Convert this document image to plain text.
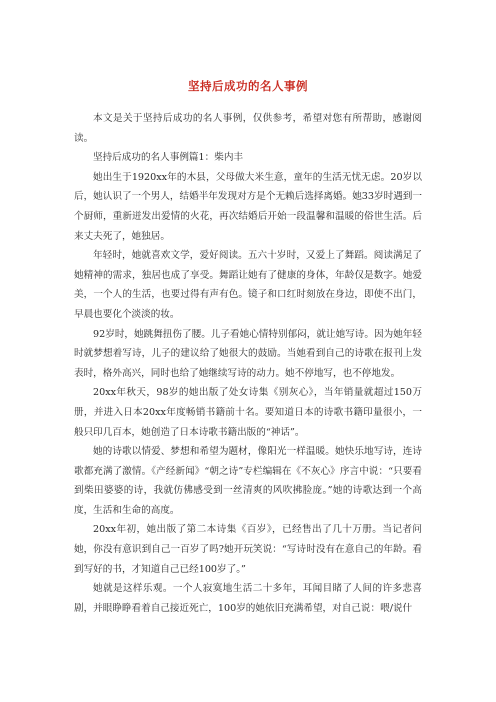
坚持后成功的名人事例

本文是关于坚持后成功的名人事例，仅供参考，希望对您有所帮助，感谢阅读。

坚持后成功的名人事例篇1：柴内丰

她出生于1920xx年的木县，父母做大米生意，童年的生活无忧无虑。20岁以后，她认识了一个男人，结婚半年发现对方是个无赖后选择离婚。她33岁时遇到一个厨师，重新迸发出爱情的火花，再次结婚后开始一段温馨和温暖的俗世生活。后来丈夫死了，她独居。

年轻时，她就喜欢文学，爱好阅读。五六十岁时，又爱上了舞蹈。阅读满足了她精神的需求，独居也成了享受。舞蹈让她有了健康的身体，年龄仅是数字。她爱美，一个人的生活，也要过得有声有色。镜子和口红时刻放在身边，即使不出门，早晨也要化个淡淡的妆。

92岁时，她跳舞扭伤了腰。儿子看她心情特别郁闷，就让她写诗。因为她年轻时就梦想着写诗，儿子的建议给了她很大的鼓励。当她看到自己的诗歌在报刊上发表时，格外高兴，同时也给了她继续写诗的动力。她不停地写，也不停地发。

20xx年秋天，98岁的她出版了处女诗集《别灰心》，当年销量就超过150万册，并进入日本20xx年度畅销书籍前十名。要知道日本的诗歌书籍印量很小，一般只印几百本，她创造了日本诗歌书籍出版的“神话”。

她的诗歌以情爱、梦想和希望为题材，像阳光一样温暖。她快乐地写诗，连诗歌都充满了激情。《产经新闻》“朝之诗”专栏编辑在《不灰心》序言中说：“只要看到柴田婆婆的诗，我就仿佛感受到一丝清爽的风吹拂脸庞。”她的诗歌达到一个高度，生活和生命的高度。

20xx年初，她出版了第二本诗集《百岁》，已经售出了几十万册。当记者问她，你没有意识到自己一百岁了吗?她开玩笑说：“写诗时没有在意自己的年龄。看到写好的书，才知道自己已经100岁了。”

她就是这样乐观。一个人寂寞地生活二十多年，耳闻目睹了人间的许多悲喜剧，并眼睁睁看着自己接近死亡，100岁的她依旧充满希望，对自己说：喂/说什
